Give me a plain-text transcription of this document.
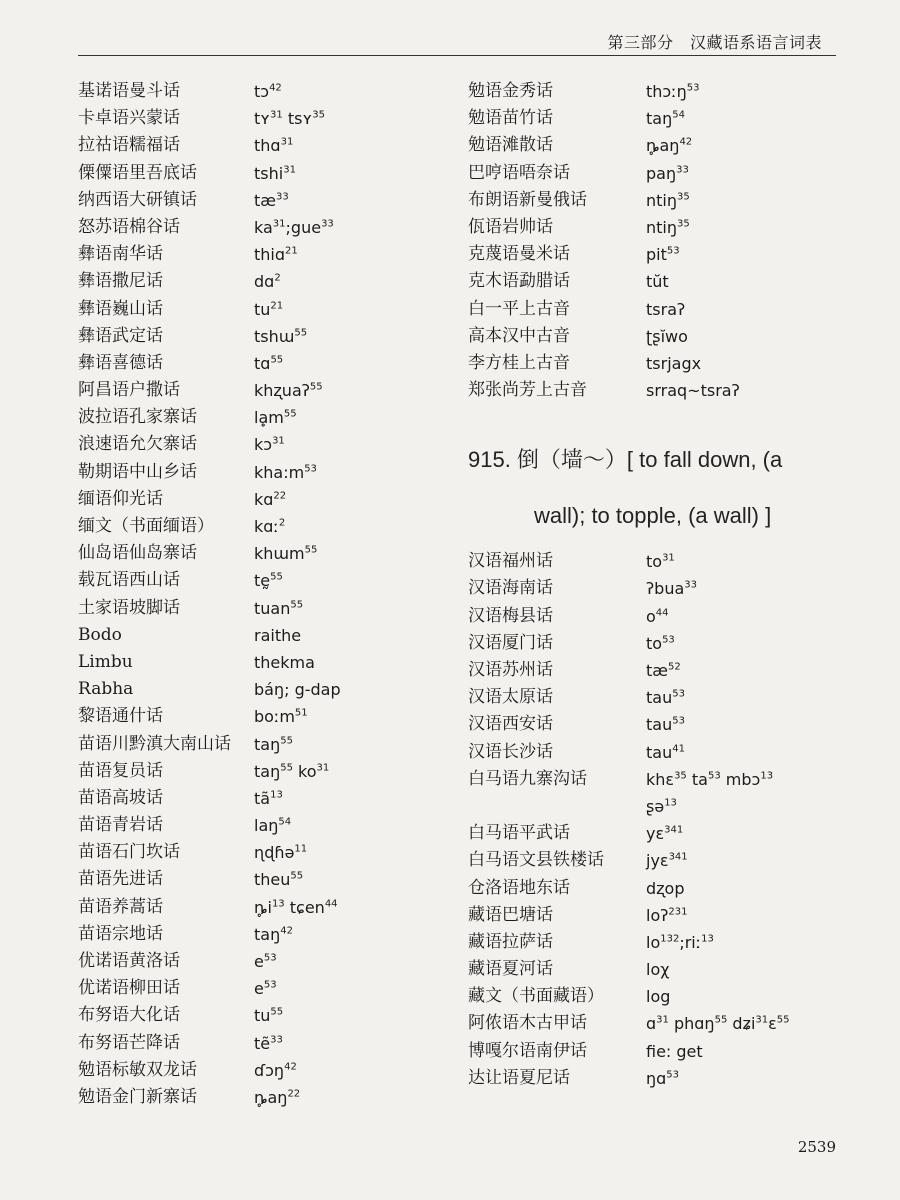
第三部分　汉藏语系语言词表
基诺语曼斗话	tɔ$^{42}$
卡卓语兴蒙话	tʏ$^{31}$ tsʏ$^{35}$
拉祜语糯福话	thɑ$^{31}$
傈僳语里吾底话	tshi$^{31}$
纳西语大研镇话	$tæ^{33}$
怒苏语棉谷话	$ka^{31};gue^{33}$
彝语南华话	thiɑ$^{21}$
彝语撒尼话	dɑ$^2$
彝语巍山话	$tu^{21}$
彝语武定话	tshɯ$^{55}$
彝语喜德话	tɑ$^{55}$
阿昌语户撒话	khʐuaʔ$^{55}$
波拉语孔家寨话	lḁm$^{55}$
浪速语允欠寨话	kɔ$^{31}$
勒期语中山乡话	$kha:m^{53}$
缅语仰光话	kɑ$^{22}$
缅文（书面缅语）	kɑː$^2$
仙岛语仙岛寨话	khɯm$^{55}$
载瓦语西山话	tḛ$^{55}$
土家语坡脚话	tuan$^{55}$
Bodo	raithe
Limbu	thekma
Rabha	báŋ; g-dap
黎语通什话	boːm$^{51}$
苗语川黔滇大南山话 taŋ$^{55}$
苗语复员话	taŋ$^{55}$ $ko^{31}$
苗语高坡话	$tã^{13}$
苗语青岩话	laŋ$^{54}$
苗语石门坎话	ɳɖɦə$^{11}$
苗语先进话	theu$^{55}$
苗语养蒿话	$ȵ̥i^{13}$ tɕen$^{44}$
苗语宗地话	taŋ$^{42}$
优诺语黄洛话	$e^{53}$
优诺语柳田话	$e^{53}$
布努语大化话	$tu^{55}$
布努语芒降话	tẽ$^{33}$
勉语标敏双龙话	ɗɔŋ$^{42}$
勉语金门新寨话	$ȵ̥aŋ^{22}$
勉语金秀话	thɔːŋ$^{53}$
勉语苗竹话	taŋ$^{54}$
勉语滩散话	$ȵ̥aŋ^{42}$
巴哼语唔奈话	paŋ$^{33}$
布朗语新曼俄话	ntiŋ$^{35}$
佤语岩帅话	ntiŋ$^{35}$
克蔑语曼米话	pit$^{53}$
克木语勐腊话	tŭt
白一平上古音	tsraʔ
高本汉中古音	ʈʂĭwo
李方桂上古音	tsrjagx
郑张尚芳上古音	srraq~tsraʔ
915. 倒（墙～）[ to fall down, (a
wall); to topple, (a wall) ]
汉语福州话	$to^{31}$
汉语海南话	ʔbua$^{33}$
汉语梅县话	$o^{44}$
汉语厦门话	$to^{53}$
汉语苏州话	$tæ^{52}$
汉语太原话	tau$^{53}$
汉语西安话	tau$^{53}$
汉语长沙话	tau$^{41}$
白马语九寨沟话	khɛ$^{35}$ $ta^{53}$ mbɔ$^{13}$
ʂə$^{13}$
白马语平武话	yɛ$^{341}$
白马语文县铁楼话	jyɛ$^{341}$
仓洛语地东话	dʐop
藏语巴塘话	loʔ$^{231}$
藏语拉萨话	$lo^{132};riː^{13}$
藏语夏河话	loχ
藏文（书面藏语）	log
阿侬语木古甲话	ɑ$^{31}$ phɑŋ$^{55}$ dʑi$^{31}$ɛ$^{55}$
博嘎尔语南伊话	fie: get
达让语夏尼话	ŋɑ$^{53}$
2539
